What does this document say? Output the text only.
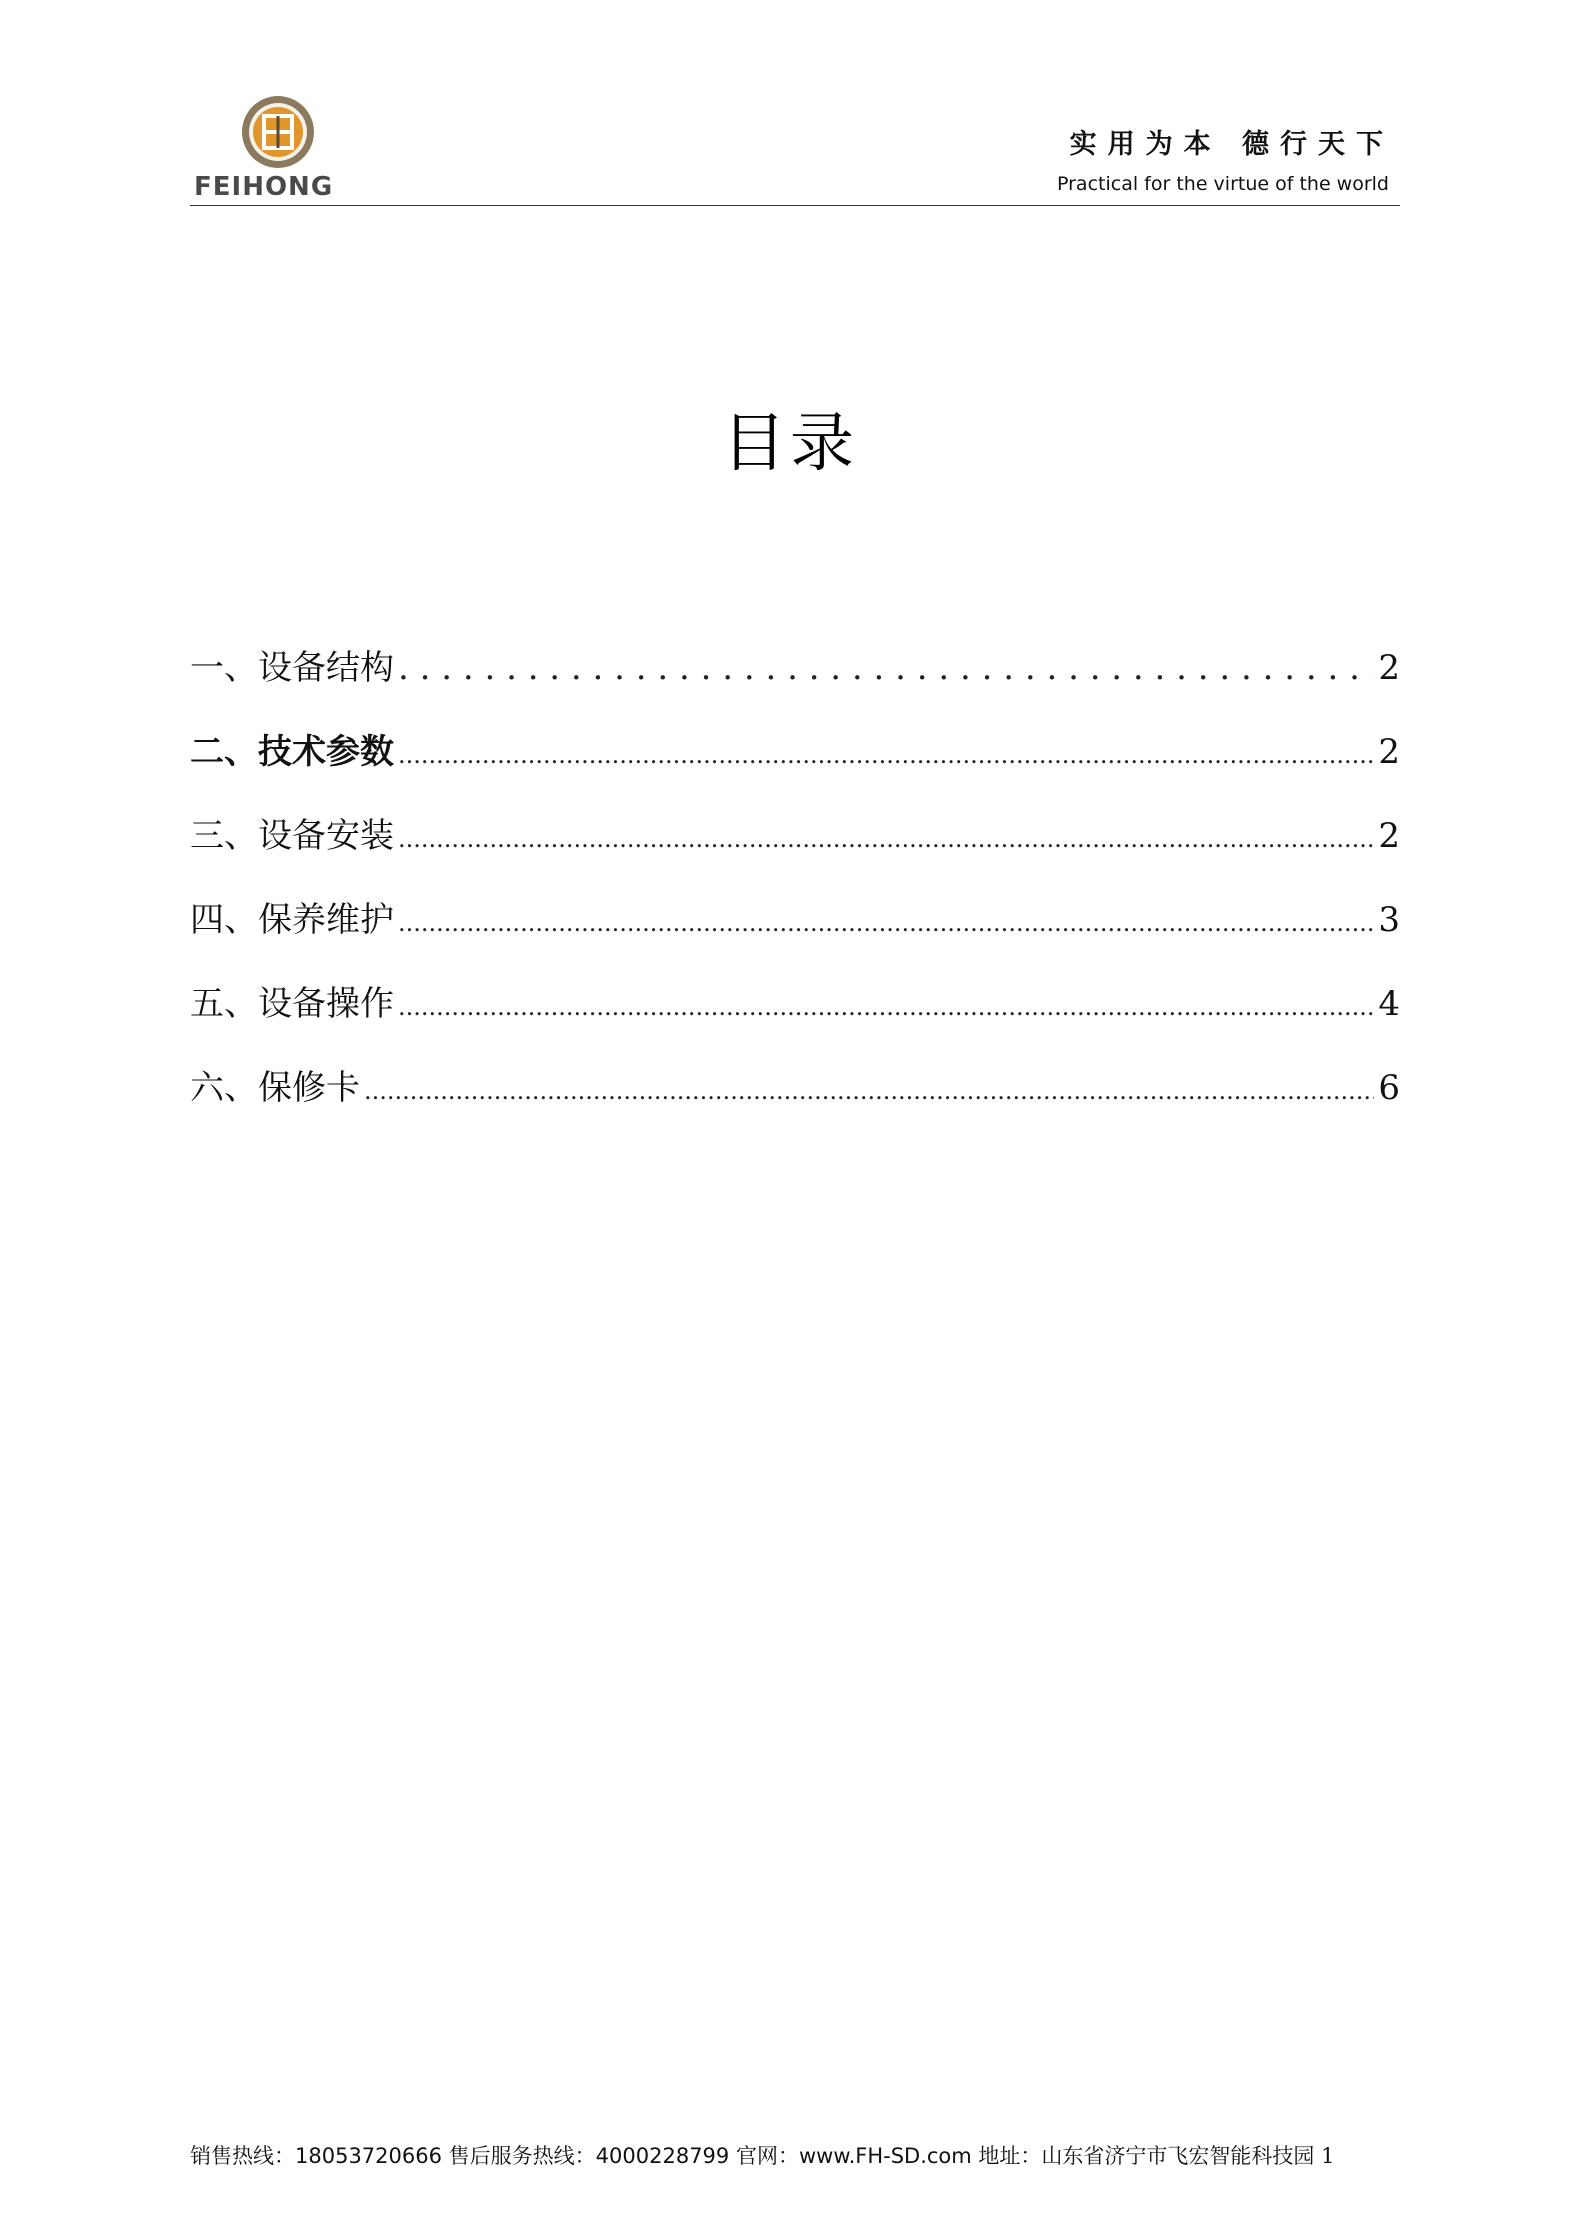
FEIHONG
实用为本 德行天下
Practical for the virtue of the world
目录
一、设备结构 . . .	2
二、技术参数 .....	2
三、设备安装 .....	2
四、保养维护 .....	3
五、设备操作 .....	4
六、保修卡 .....	6
销售热线：18053720666 售后服务热线：4000228799 官网：www.FH-SD.com 地址：山东省济宁市飞宏智能科技园 1
